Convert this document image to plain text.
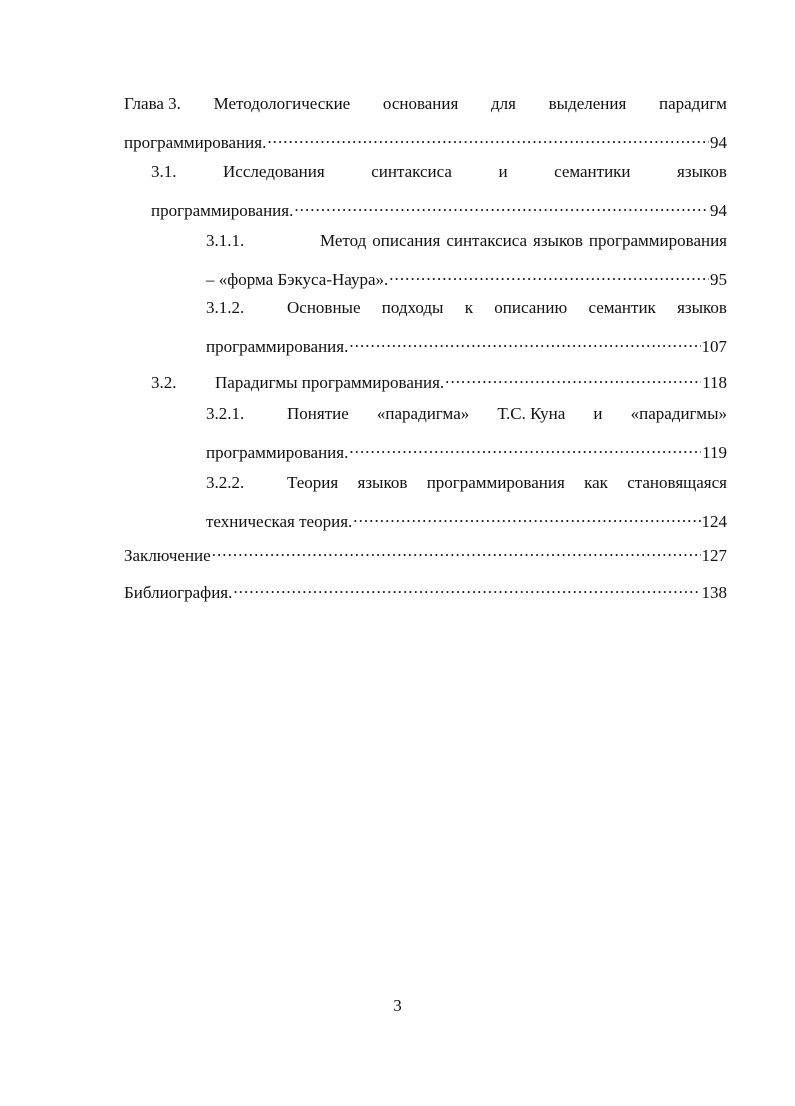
Глава 3. Методологические основания для выделения парадигм
программирования. . . .	94
3.1.	Исследования	синтаксиса	и	семантики	языков
программирования. . . .	94
3.1.1.	Метод описания синтаксиса языков программирования
– «форма Бэкуса-Наура». . . .	95
3.1.2.	Основные подходы к описанию семантик языков
программирования. . . .	107
3.2.	Парадигмы программирования. . . .	118
3.2.1.	Понятие «парадигма» Т.С. Куна и «парадигмы»
программирования. . . .	119
3.2.2.	Теория языков программирования как становящаяся
техническая теория. . . .	124
Заключение . . .	127
Библиография. . . .	138
3
